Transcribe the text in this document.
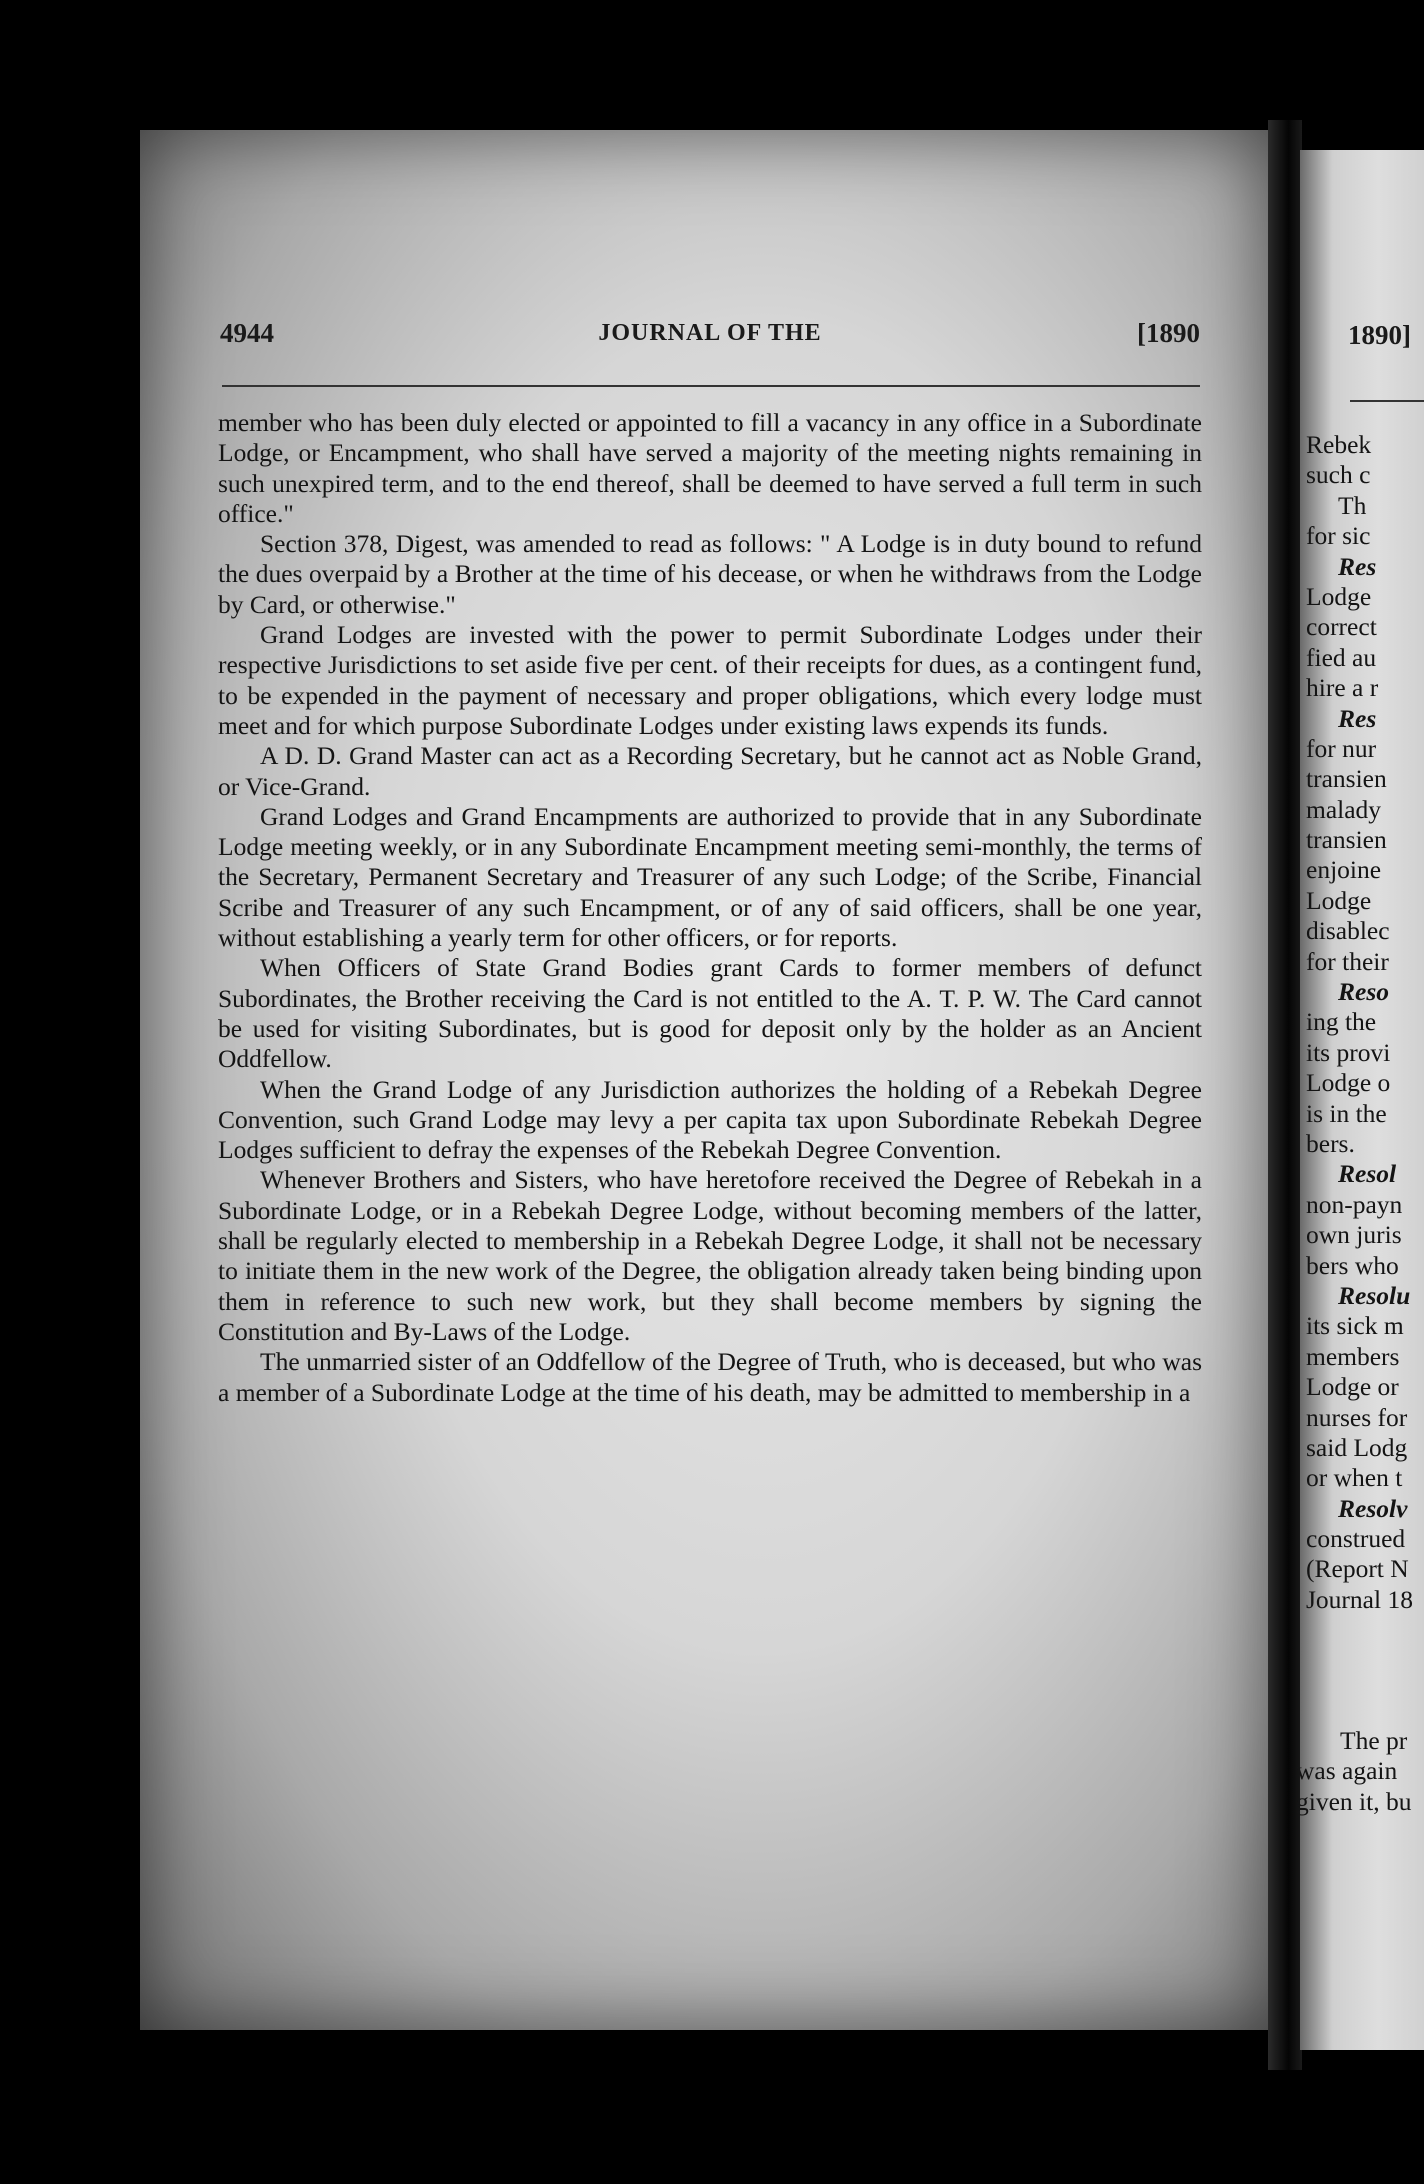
4944	JOURNAL OF THE	[1890

member who has been duly elected or appointed to fill a vacancy in any office in a Subordinate Lodge, or Encampment, who shall have served a majority of the meeting nights remaining in such unexpired term, and to the end thereof, shall be deemed to have served a full term in such office."

Section 378, Digest, was amended to read as follows: " A Lodge is in duty bound to refund the dues overpaid by a Brother at the time of his decease, or when he withdraws from the Lodge by Card, or otherwise."

Grand Lodges are invested with the power to permit Subordinate Lodges under their respective Jurisdictions to set aside five per cent. of their receipts for dues, as a contingent fund, to be expended in the payment of necessary and proper obligations, which every lodge must meet and for which purpose Subordinate Lodges under existing laws expends its funds.

A D. D. Grand Master can act as a Recording Secretary, but he cannot act as Noble Grand, or Vice-Grand.

Grand Lodges and Grand Encampments are authorized to provide that in any Subordinate Lodge meeting weekly, or in any Subordinate Encampment meeting semi-monthly, the terms of the Secretary, Permanent Secretary and Treasurer of any such Lodge; of the Scribe, Financial Scribe and Treasurer of any such Encampment, or of any of said officers, shall be one year, without establishing a yearly term for other officers, or for reports.

When Officers of State Grand Bodies grant Cards to former members of defunct Subordinates, the Brother receiving the Card is not entitled to the A. T. P. W. The Card cannot be used for visiting Subordinates, but is good for deposit only by the holder as an Ancient Oddfellow.

When the Grand Lodge of any Jurisdiction authorizes the holding of a Rebekah Degree Convention, such Grand Lodge may levy a per capita tax upon Subordinate Rebekah Degree Lodges sufficient to defray the expenses of the Rebekah Degree Convention.

Whenever Brothers and Sisters, who have heretofore received the Degree of Rebekah in a Subordinate Lodge, or in a Rebekah Degree Lodge, without becoming members of the latter, shall be regularly elected to membership in a Rebekah Degree Lodge, it shall not be necessary to initiate them in the new work of the Degree, the obligation already taken being binding upon them in reference to such new work, but they shall become members by signing the Constitution and By-Laws of the Lodge.

The unmarried sister of an Oddfellow of the Degree of Truth, who is deceased, but who was a member of a Subordinate Lodge at the time of his death, may be admitted to membership in a

1890]
Rebek
such c
Th
for sic
Res
Lodge
correct
fied au
hire a r
Res
for nur
transien
malady
transien
enjoine
Lodge
disablec
for their
Reso
ing the
its provi
Lodge o
is in the
bers.
Resol
non-payn
own juris
bers who
Resolu
its sick m
members
Lodge or
nurses for
said Lodg
or when t
Resolv
construed
(Report N
Journal 18
The pr
was again
given it, bu
